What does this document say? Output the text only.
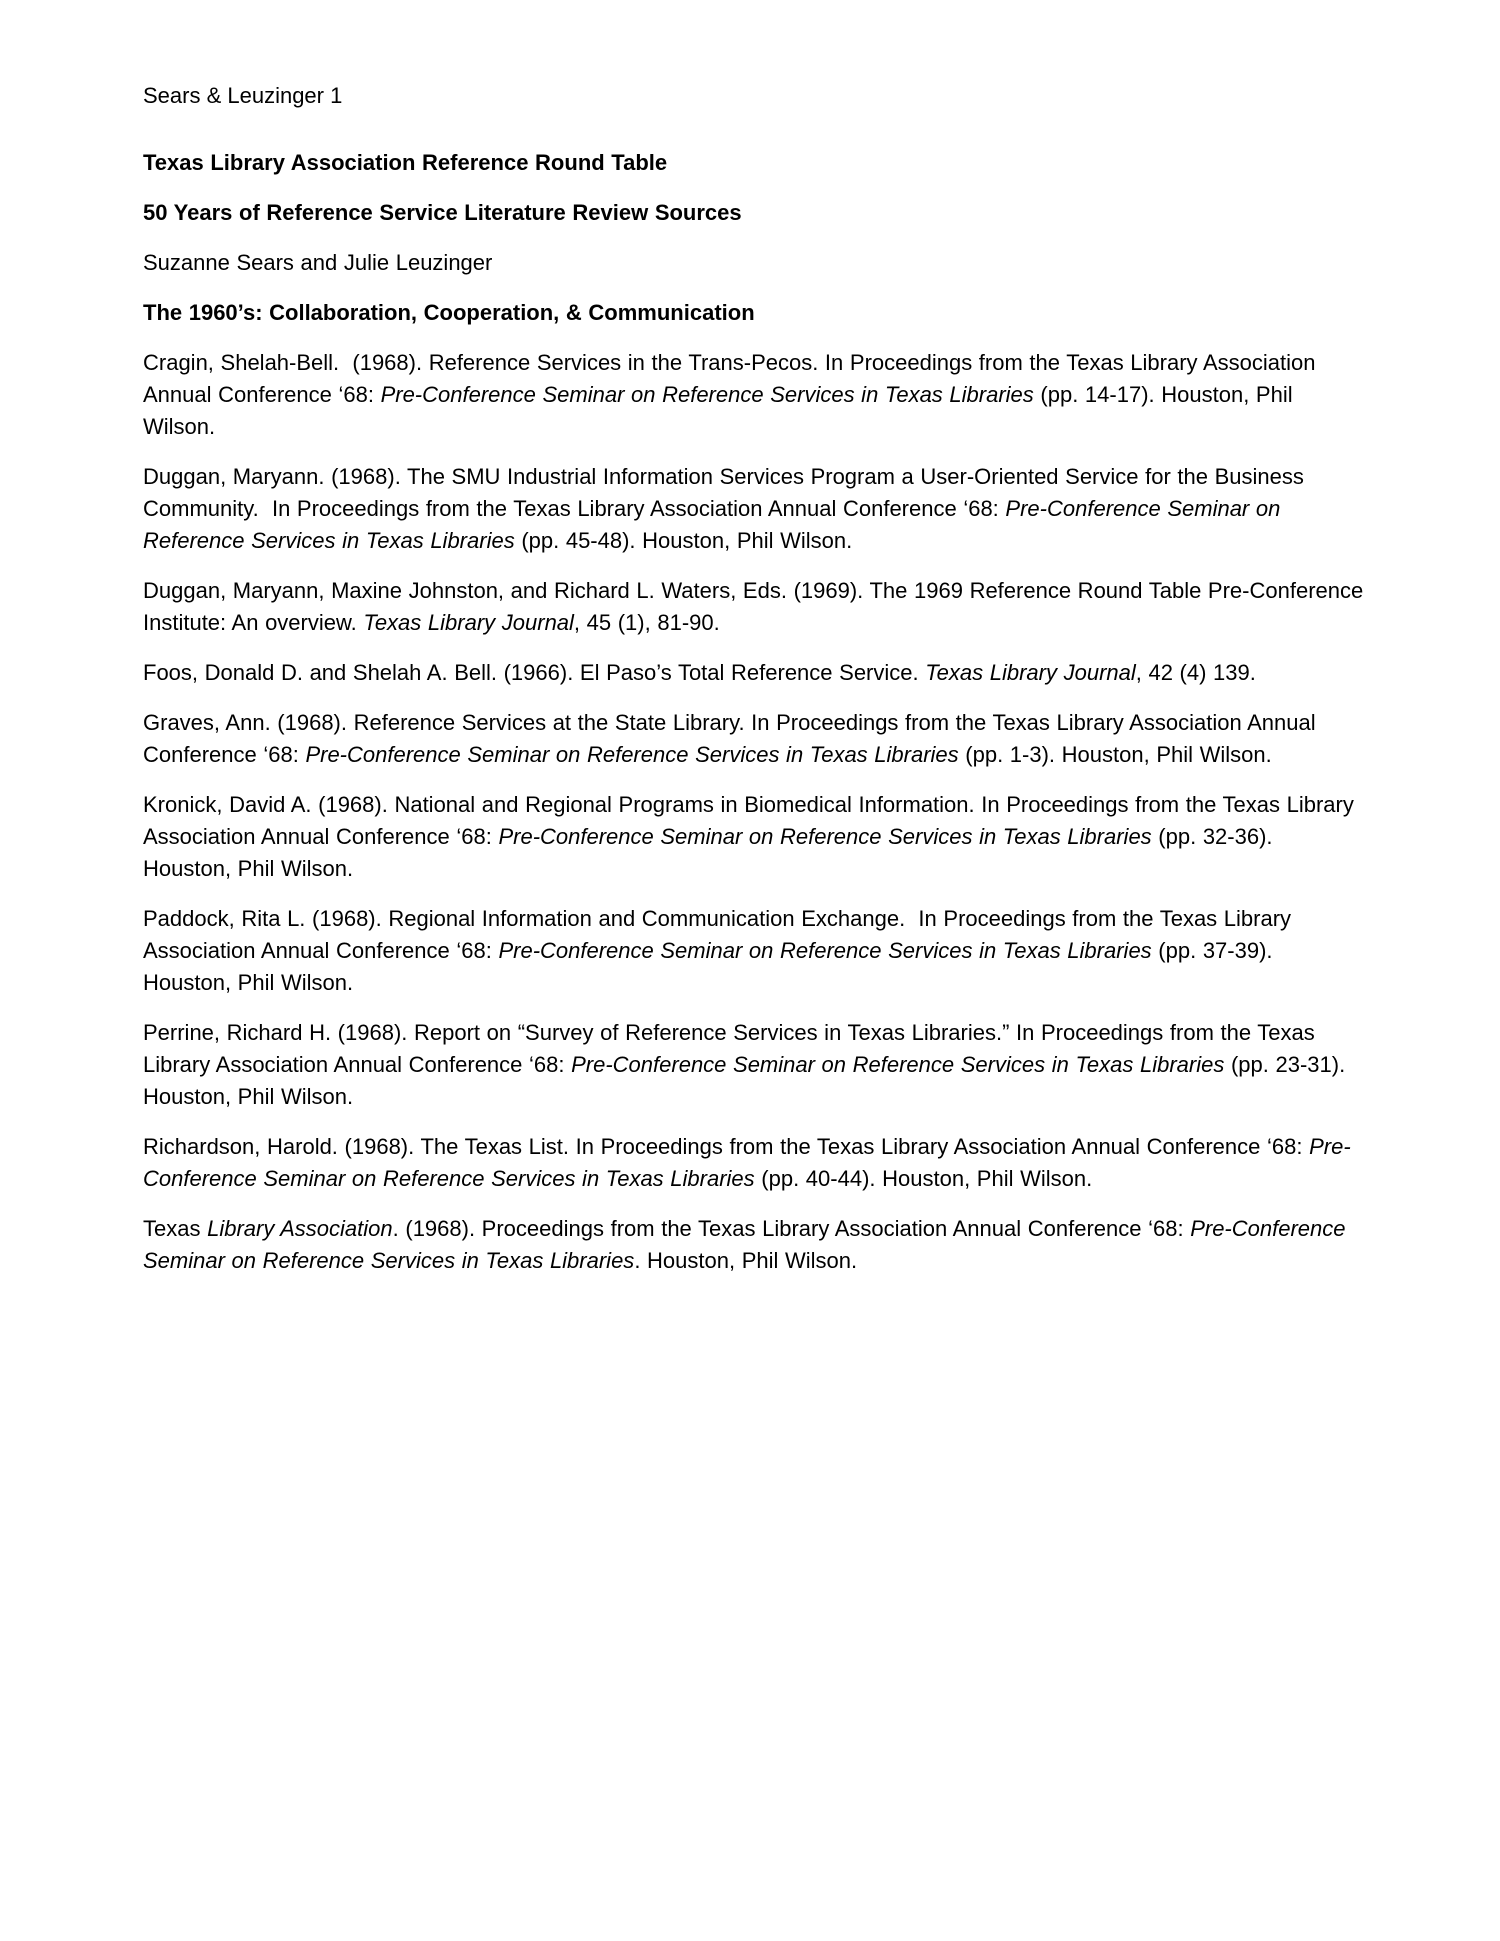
Sears & Leuzinger 1

Texas Library Association Reference Round Table

50 Years of Reference Service Literature Review Sources

Suzanne Sears and Julie Leuzinger

The 1960’s: Collaboration, Cooperation, & Communication

Cragin, Shelah-Bell.  (1968). Reference Services in the Trans-Pecos. In Proceedings from the Texas Library Association Annual Conference ‘68: Pre-Conference Seminar on Reference Services in Texas Libraries (pp. 14-17). Houston, Phil Wilson.

Duggan, Maryann. (1968). The SMU Industrial Information Services Program a User-Oriented Service for the Business Community.  In Proceedings from the Texas Library Association Annual Conference ‘68: Pre-Conference Seminar on Reference Services in Texas Libraries (pp. 45-48). Houston, Phil Wilson.

Duggan, Maryann, Maxine Johnston, and Richard L. Waters, Eds. (1969). The 1969 Reference Round Table Pre-Conference Institute: An overview. Texas Library Journal, 45 (1), 81-90.

Foos, Donald D. and Shelah A. Bell. (1966). El Paso’s Total Reference Service. Texas Library Journal, 42 (4) 139.

Graves, Ann. (1968). Reference Services at the State Library. In Proceedings from the Texas Library Association Annual Conference ‘68: Pre-Conference Seminar on Reference Services in Texas Libraries (pp. 1-3). Houston, Phil Wilson.

Kronick, David A. (1968). National and Regional Programs in Biomedical Information. In Proceedings from the Texas Library Association Annual Conference ‘68: Pre-Conference Seminar on Reference Services in Texas Libraries (pp. 32-36). Houston, Phil Wilson.

Paddock, Rita L. (1968). Regional Information and Communication Exchange.  In Proceedings from the Texas Library Association Annual Conference ‘68: Pre-Conference Seminar on Reference Services in Texas Libraries (pp. 37-39). Houston, Phil Wilson.

Perrine, Richard H. (1968). Report on “Survey of Reference Services in Texas Libraries.” In Proceedings from the Texas Library Association Annual Conference ‘68: Pre-Conference Seminar on Reference Services in Texas Libraries (pp. 23-31). Houston, Phil Wilson.

Richardson, Harold. (1968). The Texas List. In Proceedings from the Texas Library Association Annual Conference ‘68: Pre-Conference Seminar on Reference Services in Texas Libraries (pp. 40-44). Houston, Phil Wilson.

Texas Library Association. (1968). Proceedings from the Texas Library Association Annual Conference ‘68: Pre-Conference Seminar on Reference Services in Texas Libraries. Houston, Phil Wilson.
